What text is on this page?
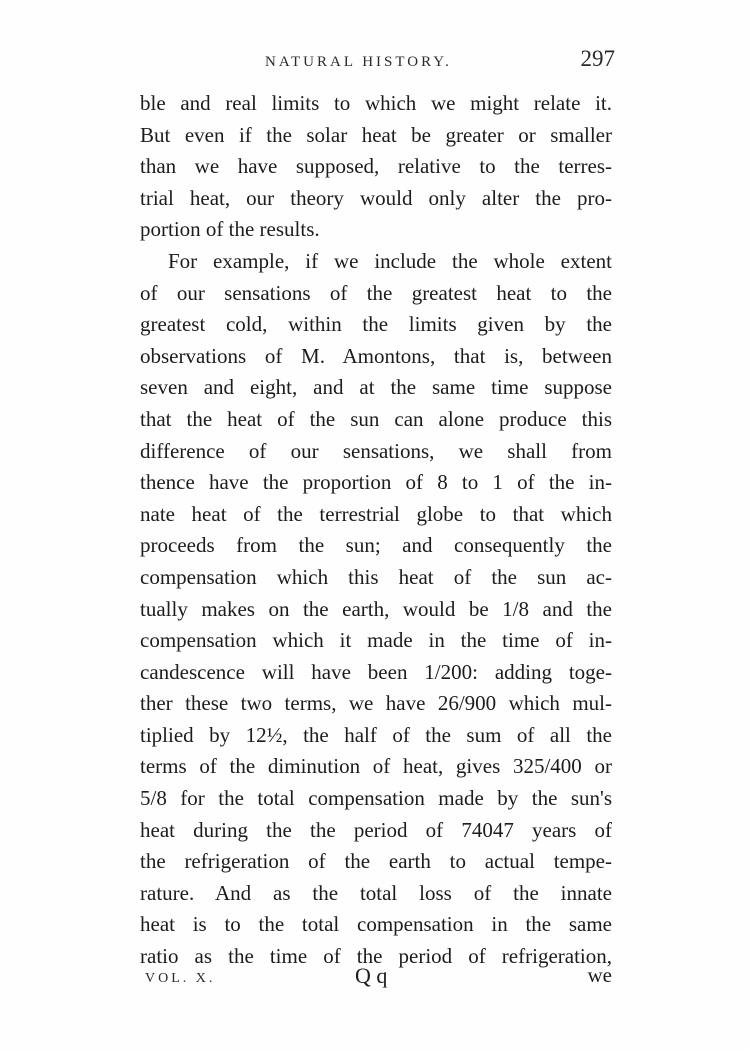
NATURAL HISTORY.	297
ble and real limits to which we might relate it.
But even if the solar heat be greater or smaller
than we have supposed, relative to the terres-
trial heat, our theory would only alter the pro-
portion of the results.
For example, if we include the whole extent
of our sensations of the greatest heat to the
greatest cold, within the limits given by the
observations of M. Amontons, that is, between
seven and eight, and at the same time suppose
that the heat of the sun can alone produce this
difference of our sensations, we shall from
thence have the proportion of 8 to 1 of the in-
nate heat of the terrestrial globe to that which
proceeds from the sun; and consequently the
compensation which this heat of the sun ac-
tually makes on the earth, would be 1/8 and the
compensation which it made in the time of in-
candescence will have been 1/200: adding toge-
ther these two terms, we have 26/900 which mul-
tiplied by 12½, the half of the sum of all the
terms of the diminution of heat, gives 325/400 or
5/8 for the total compensation made by the sun's
heat during the the period of 74047 years of
the refrigeration of the earth to actual tempe-
rature. And as the total loss of the innate
heat is to the total compensation in the same
ratio as the time of the period of refrigeration,
VOL. X.	Q q	we
